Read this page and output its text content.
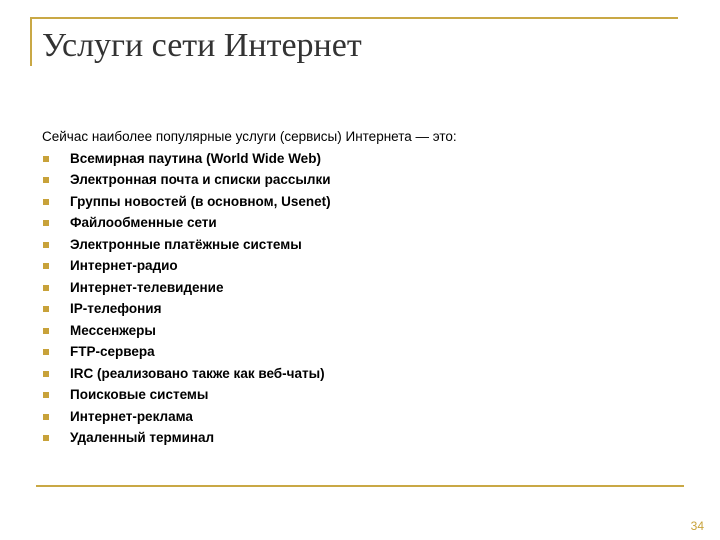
Услуги сети Интернет

Сейчас наиболее популярные услуги (сервисы) Интернета — это:

Всемирная паутина (World Wide Web)
Электронная почта и списки рассылки
Группы новостей (в основном, Usenet)
Файлообменные сети
Электронные платёжные системы
Интернет-радио
Интернет-телевидение
IP-телефония
Мессенжеры
FTP-сервера
IRC (реализовано также как веб-чаты)
Поисковые системы
Интернет-реклама
Удаленный терминал
34
